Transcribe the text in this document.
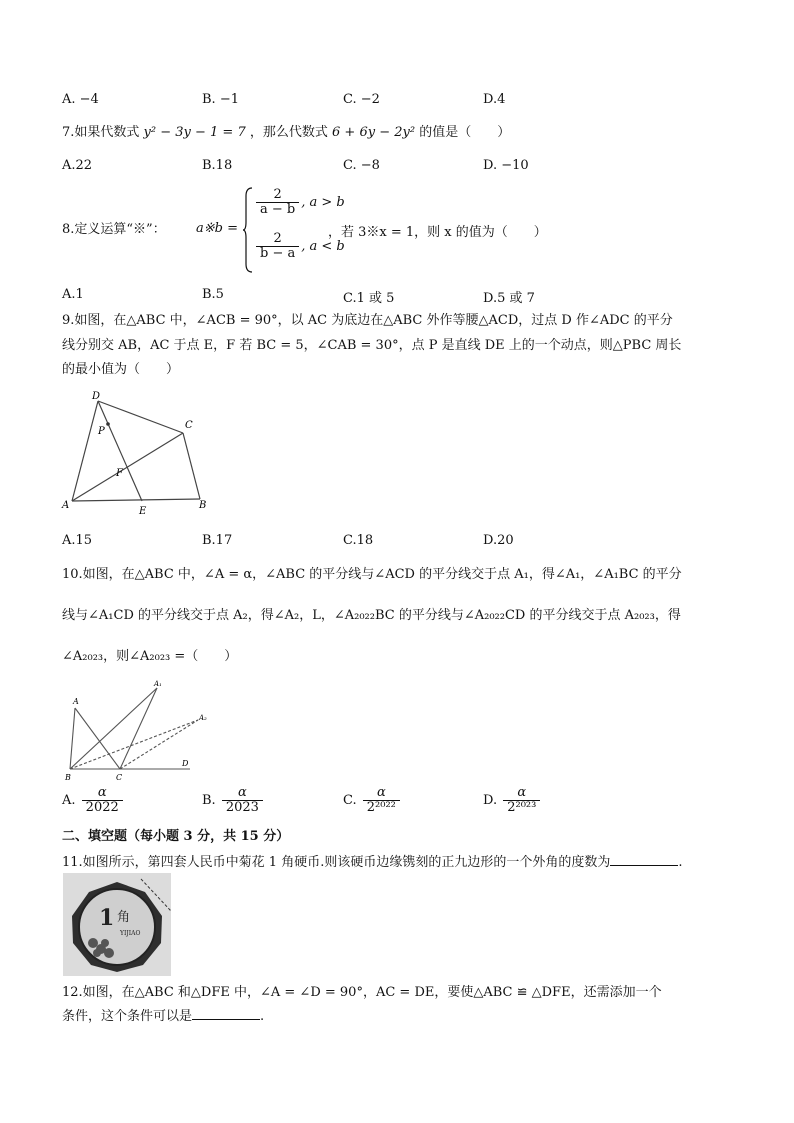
A. −4	B. −1	C. −2	D.4
7.如果代数式 y² − 3y − 1 = 7 ，那么代数式 6 + 6y − 2y² 的值是（　　）
A.22	B.18	C. −8	D. −10
8.定义运算“※”： a※b =
$\frac{2}{a - b}$ , a > b
$\frac{2}{b - a}$ , a < b
，若 3※x = 1，则 x 的值为（　　）
A.1	B.5	C.1 或 5	D.5 或 7
9.如图，在△ABC 中，∠ACB = 90°，以 AC 为底边在△ABC 外作等腰△ACD，过点 D 作∠ADC 的平分
线分别交 AB，AC 于点 E，F 若 BC = 5，∠CAB = 30°，点 P 是直线 DE 上的一个动点，则△PBC 周长
的最小值为（　　）
D
P
C
F
A
E
B
A.15	B.17	C.18	D.20
10.如图，在△ABC 中，∠A = α，∠ABC 的平分线与∠ACD 的平分线交于点 A₁，得∠A₁，∠A₁BC 的平分
线与∠A₁CD 的平分线交于点 A₂，得∠A₂，L，∠A₂₀₂₂BC 的平分线与∠A₂₀₂₂CD 的平分线交于点 A₂₀₂₃，得
∠A₂₀₂₃，则∠A₂₀₂₃ =（　　）
A
A₁
A₂
B	C
D
A. $\frac{\alpha}{2022}$	B. $\frac{\alpha}{2023}$	C. $\frac{\alpha}{\text{2²⁰²²}}$	D. $\frac{\alpha}{\text{2²⁰²³}}$
二、填空题（每小题 3 分，共 15 分）
11.如图所示，第四套人民币中菊花 1 角硬币.则该硬币边缘镌刻的正九边形的一个外角的度数为	.
1 角
YIJIAO
12.如图，在△ABC 和△DFE 中，∠A = ∠D = 90°，AC = DE，要使△ABC ≌ △DFE，还需添加一个
条件，这个条件可以是	.
